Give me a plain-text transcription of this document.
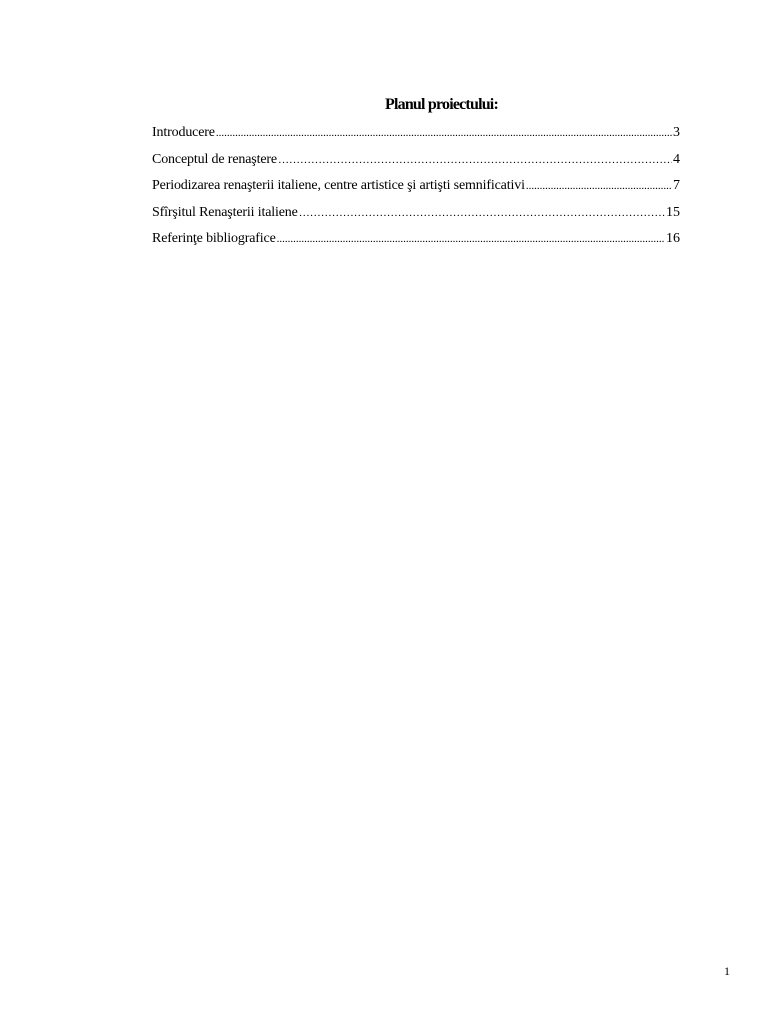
Planul proiectului:
Introducere .....	3
Conceptul de renaştere ………………………………………………………………………………………………………………………………………………………………………	4
Periodizarea renaşterii italiene, centre artistice şi artişti semnificativi .....	7
Sfîrşitul Renaşterii italiene ………………………………………………………………………………………………………………………………………………………………………	15
Referinţe bibliografice .....	16
1
